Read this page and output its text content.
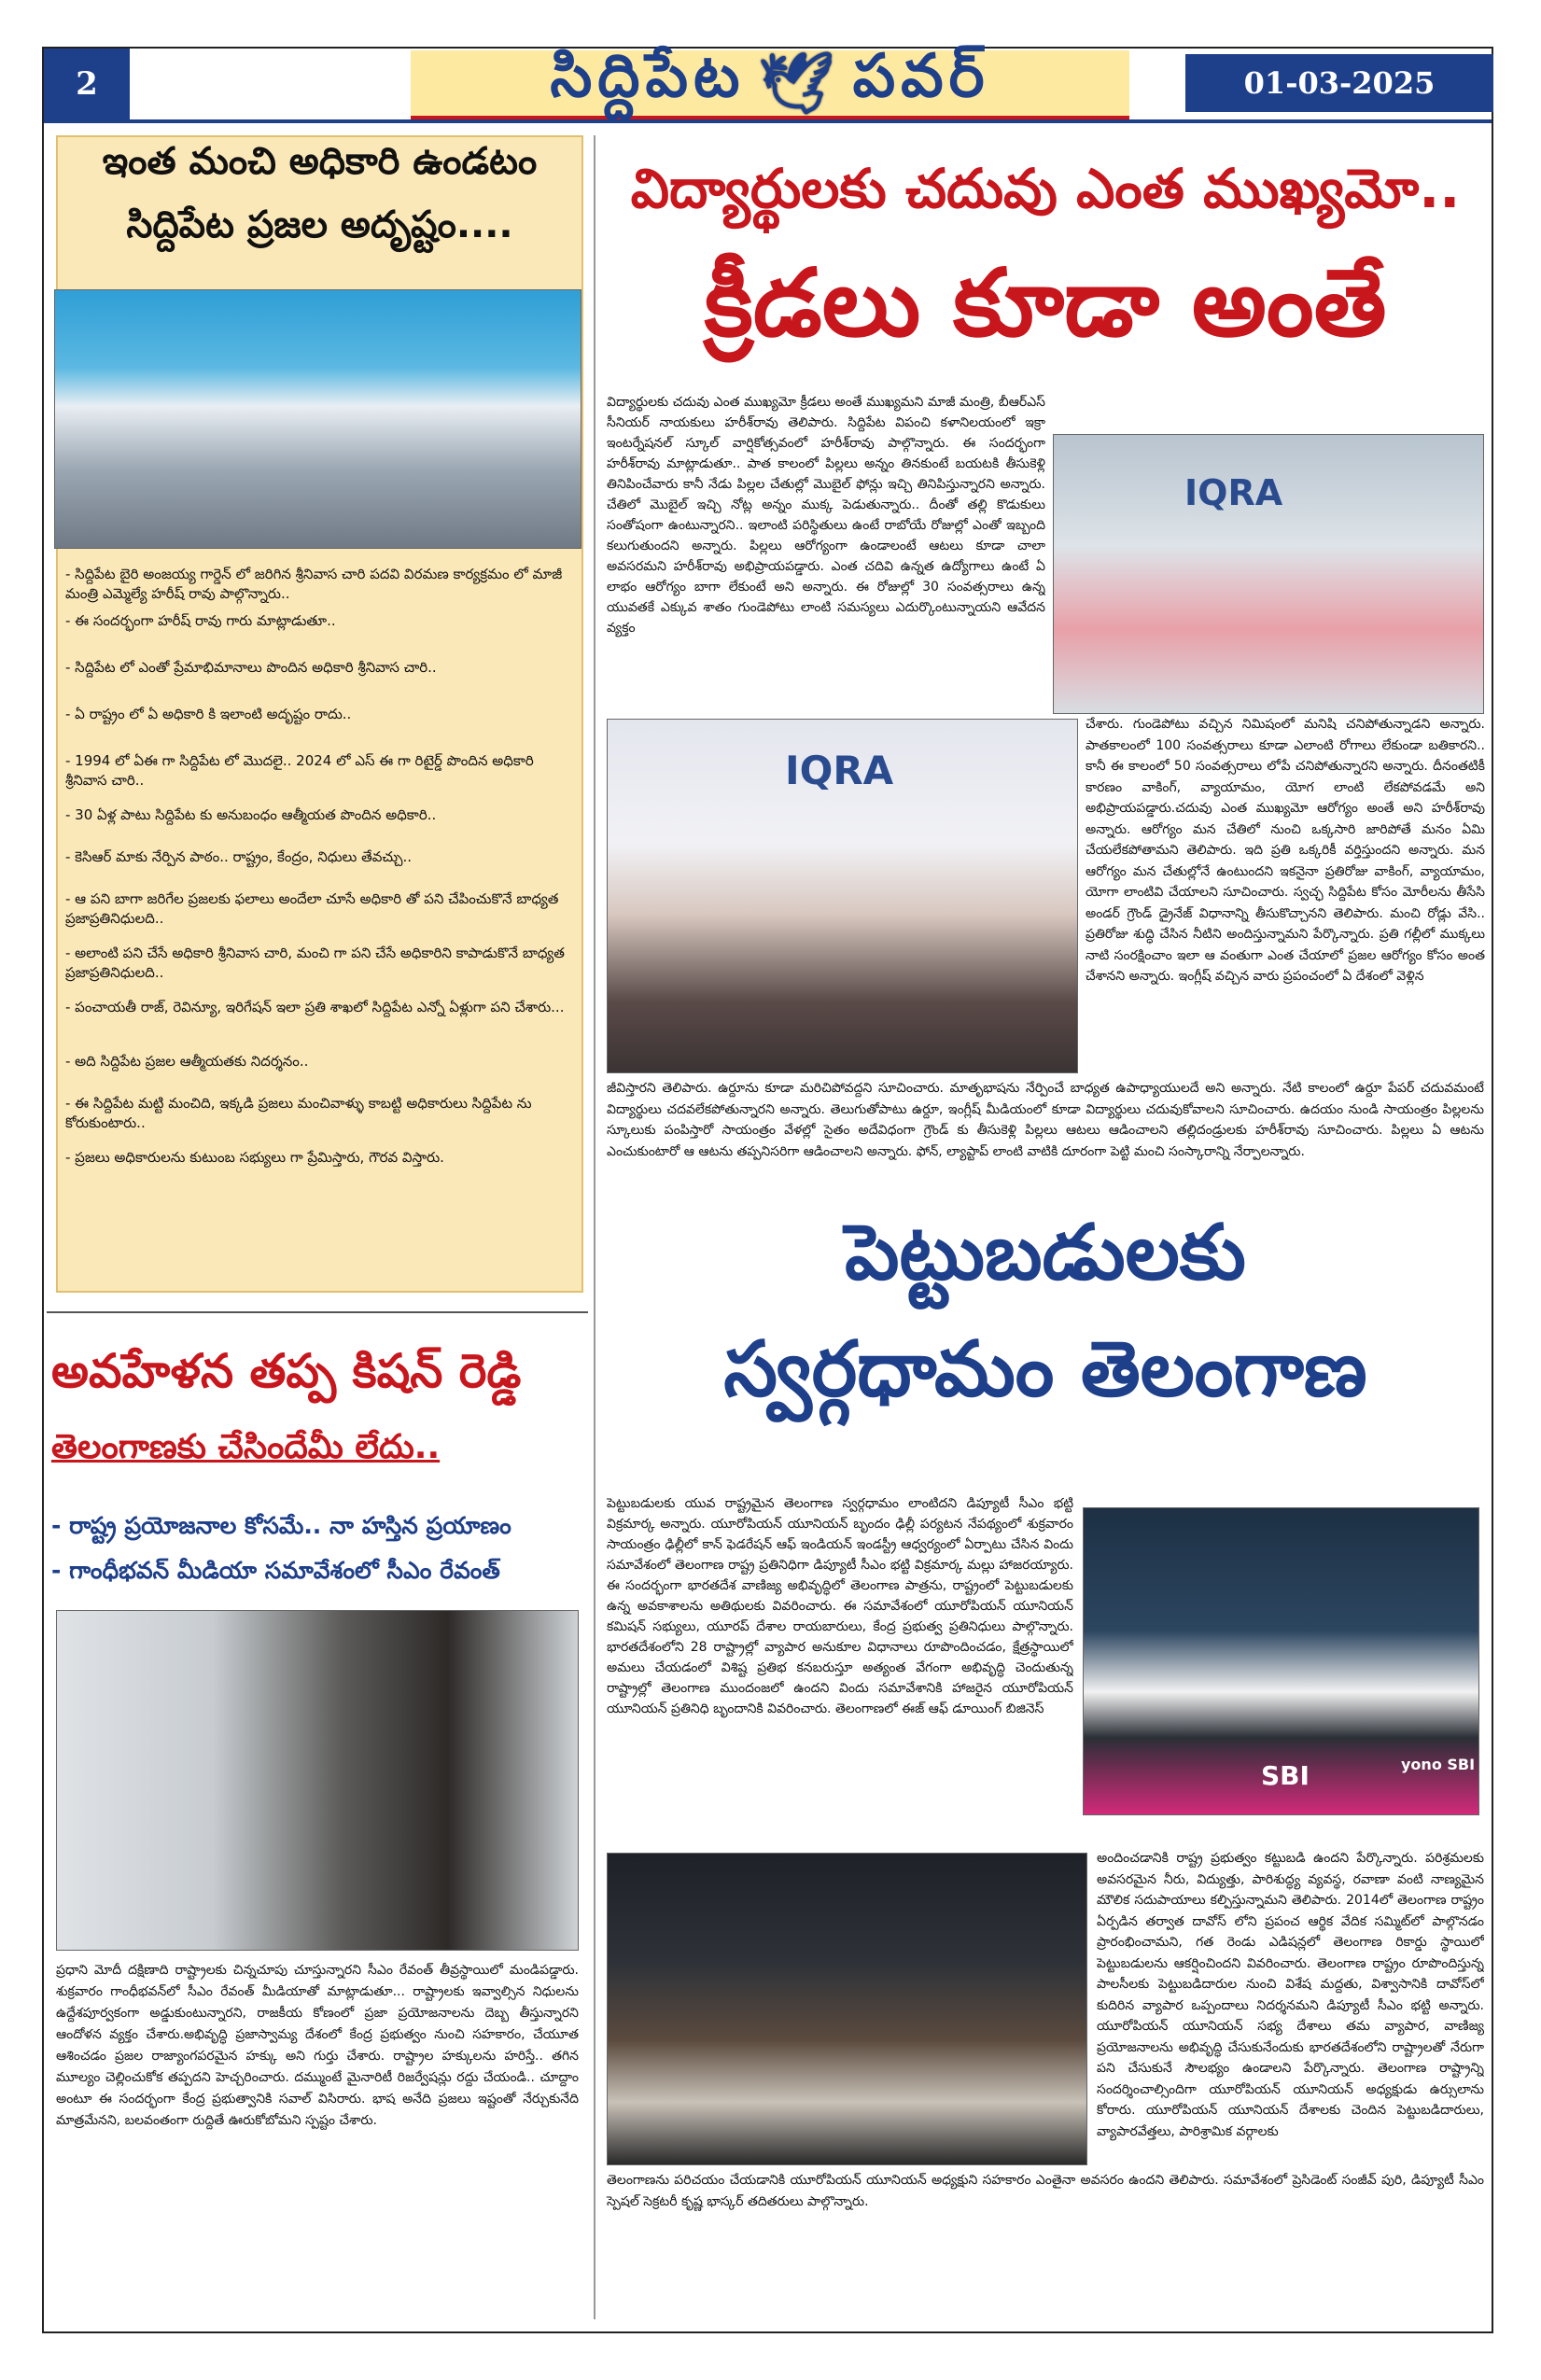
2	సిద్దిపేట 🕊 పవర్	01-03-2025
ఇంత మంచి అధికారి ఉండటం
సిద్దిపేట ప్రజల అదృష్టం....
- సిద్దిపేట బైరి అంజయ్య గార్డెన్ లో జరిగిన శ్రీనివాస చారి పదవి విరమణ కార్యక్రమం లో మాజీ మంత్రి ఎమ్మెల్యే హరీష్ రావు పాల్గొన్నారు..
- ఈ సందర్భంగా హరీష్ రావు గారు మాట్లాడుతూ..
- సిద్దిపేట లో ఎంతో ప్రేమాభిమానాలు పొందిన అధికారి శ్రీనివాస చారి..
- ఏ రాష్ట్రం లో ఏ అధికారి కి ఇలాంటి అదృష్టం రాదు..
- 1994 లో ఏఈ గా సిద్దిపేట లో మొదలై.. 2024 లో ఎస్ ఈ గా రిటైర్డ్ పొందిన అధికారి శ్రీనివాస చారి..
- 30 ఏళ్ల పాటు సిద్దిపేట కు అనుబంధం ఆత్మీయత పొందిన అధికారి..
- కెసిఆర్ మాకు నేర్పిన పాఠం.. రాష్ట్రం, కేంద్రం, నిధులు తేవచ్చు..
- ఆ పని బాగా జరిగేల ప్రజలకు ఫలాలు అందేలా చూసే అధికారి తో పని చేపించుకొనే బాధ్యత ప్రజాప్రతినిధులది..
- అలాంటి పని చేసే అధికారి శ్రీనివాస చారి, మంచి గా పని చేసే అధికారిని కాపాడుకొనే బాధ్యత ప్రజాప్రతినిధులది..
- పంచాయతీ రాజ్, రెవిన్యూ, ఇరిగేషన్ ఇలా ప్రతి శాఖలో సిద్దిపేట ఎన్నో ఏళ్లుగా పని చేశారు...
- అది సిద్దిపేట ప్రజల ఆత్మీయతకు నిదర్శనం..
- ఈ సిద్దిపేట మట్టి మంచిది, ఇక్కడి ప్రజలు మంచివాళ్ళు కాబట్టి అధికారులు సిద్దిపేట ను కోరుకుంటారు..
- ప్రజలు అధికారులను కుటుంబ సభ్యులు గా ప్రేమిస్తారు, గౌరవ విస్తారు.
అవహేళన తప్ప కిషన్ రెడ్డి
తెలంగాణకు చేసిందేమీ లేదు..
- రాష్ట్ర ప్రయోజనాల కోసమే.. నా హస్తిన ప్రయాణం
- గాంధీభవన్ మీడియా సమావేశంలో సీఎం రేవంత్
ప్రధాని మోదీ దక్షిణాది రాష్ట్రాలకు చిన్నచూపు చూస్తున్నారని సీఎం రేవంత్ తీవ్రస్థాయిలో మండిపడ్డారు. శుక్రవారం గాంధీభవన్‌లో సీఎం రేవంత్ మీడియాతో మాట్లాడుతూ... రాష్ట్రాలకు ఇవ్వాల్సిన నిధులను ఉద్దేశపూర్వకంగా అడ్డుకుంటున్నారని, రాజకీయ కోణంలో ప్రజా ప్రయోజనాలను దెబ్బ తీస్తున్నారని ఆందోళన వ్యక్తం చేశారు.అభివృద్ధి ప్రజాస్వామ్య దేశంలో కేంద్ర ప్రభుత్వం నుంచి సహకారం, చేయూత ఆశించడం ప్రజల రాజ్యాంగపరమైన హక్కు అని గుర్తు చేశారు. రాష్ట్రాల హక్కులను హరిస్తే.. తగిన మూల్యం చెల్లించుకోక తప్పదని హెచ్చరించారు. దమ్ముంటే మైనారిటీ రిజర్వేషన్లు రద్దు చేయండి.. చూద్దాం అంటూ ఈ సందర్భంగా కేంద్ర ప్రభుత్వానికి సవాల్ విసిరారు. భాష అనేది ప్రజలు ఇష్టంతో నేర్చుకునేది మాత్రమేనని, బలవంతంగా రుద్దితే ఊరుకోబోమని స్పష్టం చేశారు.
విద్యార్థులకు చదువు ఎంత ముఖ్యమో..
క్రీడలు కూడా అంతే
విద్యార్థులకు చదువు ఎంత ముఖ్యమో క్రీడలు అంతే ముఖ్యమని మాజీ మంత్రి, బీఆర్ఎస్ సీనియర్ నాయకులు హరీశ్‌రావు తెలిపారు. సిద్దిపేట విపంచి కళానిలయంలో ఇక్రా ఇంటర్నేషనల్ స్కూల్ వార్షికోత్సవంలో హరీశ్‌రావు పాల్గొన్నారు. ఈ సందర్భంగా హరీశ్‌రావు మాట్లాడుతూ.. పాత కాలంలో పిల్లలు అన్నం తినకుంటే బయటకి తీసుకెళ్లి తినిపించేవారు కానీ నేడు పిల్లల చేతుల్లో మొబైల్ ఫోన్లు ఇచ్చి తినిపిస్తున్నారని అన్నారు. చేతిలో మొబైల్ ఇచ్చి నోట్ల అన్నం ముక్క పెడుతున్నారు.. దీంతో తల్లి కొడుకులు సంతోషంగా ఉంటున్నారని.. ఇలాంటి పరిస్థితులు ఉంటే రాబోయే రోజుల్లో ఎంతో ఇబ్బంది కలుగుతుందని అన్నారు. పిల్లలు ఆరోగ్యంగా ఉండాలంటే ఆటలు కూడా చాలా అవసరమని హరీశ్‌రావు అభిప్రాయపడ్డారు. ఎంత చదివి ఉన్నత ఉద్యోగాలు ఉంటే ఏ లాభం ఆరోగ్యం బాగా లేకుంటే అని అన్నారు. ఈ రోజుల్లో 30 సంవత్సరాలు ఉన్న యువతకే ఎక్కువ శాతం గుండెపోటు లాంటి సమస్యలు ఎదుర్కొంటున్నాయని ఆవేదన వ్యక్తం
IQRA
IQRA
చేశారు. గుండెపోటు వచ్చిన నిమిషంలో మనిషి చనిపోతున్నాడని అన్నారు. పాతకాలంలో 100 సంవత్సరాలు కూడా ఎలాంటి రోగాలు లేకుండా బతికారని.. కానీ ఈ కాలంలో 50 సంవత్సరాలు లోపే చనిపోతున్నారని అన్నారు. దీనంతటికీ కారణం వాకింగ్, వ్యాయామం, యోగ లాంటి లేకపోవడమే అని అభిప్రాయపడ్డారు.చదువు ఎంత ముఖ్యమో ఆరోగ్యం అంతే అని హరీశ్‌రావు అన్నారు. ఆరోగ్యం మన చేతిలో నుంచి ఒక్కసారి జారిపోతే మనం ఏమి చేయలేకపోతామని తెలిపారు. ఇది ప్రతి ఒక్కరికీ వర్తిస్తుందని అన్నారు. మన ఆరోగ్యం మన చేతుల్లోనే ఉంటుందని ఇకనైనా ప్రతిరోజు వాకింగ్, వ్యాయామం, యోగా లాంటివి చేయాలని సూచించారు. స్వచ్ఛ సిద్దిపేట కోసం మోరీలను తీసేసి అండర్ గ్రౌండ్ డ్రైనేజ్ విధానాన్ని తీసుకొచ్చానని తెలిపారు. మంచి రోడ్లు వేసి.. ప్రతిరోజు శుద్ధి చేసిన నీటిని అందిస్తున్నామని పేర్కొన్నారు. ప్రతి గల్లీలో ముక్కలు నాటి సంరక్షించాం ఇలా ఆ వంతుగా ఎంత చేయాలో ప్రజల ఆరోగ్యం కోసం అంత చేశానని అన్నారు. ఇంగ్లీష్ వచ్చిన వారు ప్రపంచంలో ఏ దేశంలో వెళ్లిన
జీవిస్తారని తెలిపారు. ఉర్దూను కూడా మరిచిపోవద్దని సూచించారు. మాతృభాషను నేర్పించే బాధ్యత ఉపాధ్యాయులదే అని అన్నారు. నేటి కాలంలో ఉర్దూ పేపర్ చదువమంటే విద్యార్థులు చదవలేకపోతున్నారని అన్నారు. తెలుగుతోపాటు ఉర్దూ, ఇంగ్లీష్ మీడియంలో కూడా విద్యార్థులు చదువుకోవాలని సూచించారు. ఉదయం నుండి సాయంత్రం పిల్లలను స్కూలుకు పంపిస్తారో సాయంత్రం వేళల్లో సైతం అదేవిధంగా గ్రౌండ్ కు తీసుకెళ్లి పిల్లలు ఆటలు ఆడించాలని తల్లిదండ్రులకు హరీశ్‌రావు సూచించారు. పిల్లలు ఏ ఆటను ఎంచుకుంటారో ఆ ఆటను తప్పనిసరిగా ఆడించాలని అన్నారు. ఫోన్, ల్యాప్టాప్ లాంటి వాటికి దూరంగా పెట్టి మంచి సంస్కారాన్ని నేర్పాలన్నారు.
పెట్టుబడులకు
స్వర్గధామం తెలంగాణ
పెట్టుబడులకు యువ రాష్ట్రమైన తెలంగాణ స్వర్గధామం లాంటిదని డిప్యూటీ సీఎం భట్టి విక్రమార్క అన్నారు. యూరోపియన్ యూనియన్ బృందం ఢిల్లీ పర్యటన నేపథ్యంలో శుక్రవారం సాయంత్రం ఢిల్లీలో కాన్ ఫెడరేషన్ ఆఫ్ ఇండియన్ ఇండస్ట్రీ ఆధ్వర్యంలో ఏర్పాటు చేసిన విందు సమావేశంలో తెలంగాణ రాష్ట్ర ప్రతినిధిగా డిప్యూటీ సీఎం భట్టి విక్రమార్క మల్లు హాజరయ్యారు. ఈ సందర్భంగా భారతదేశ వాణిజ్య అభివృద్ధిలో తెలంగాణ పాత్రను, రాష్ట్రంలో పెట్టుబడులకు ఉన్న అవకాశాలను అతిథులకు వివరించారు. ఈ సమావేశంలో యూరోపియన్ యూనియన్ కమిషన్ సభ్యులు, యూరప్ దేశాల రాయబారులు, కేంద్ర ప్రభుత్వ ప్రతినిధులు పాల్గొన్నారు. భారతదేశంలోని 28 రాష్ట్రాల్లో వ్యాపార అనుకూల విధానాలు రూపొందించడం, క్షేత్రస్థాయిలో అమలు చేయడంలో విశిష్ట ప్రతిభ కనబరుస్తూ అత్యంత వేగంగా అభివృద్ధి చెందుతున్న రాష్ట్రాల్లో తెలంగాణ ముందంజలో ఉందని విందు సమావేశానికి హాజరైన యూరోపియన్ యూనియన్ ప్రతినిధి బృందానికి వివరించారు. తెలంగాణలో ఈజ్ ఆఫ్ డూయింగ్ బిజినెస్
SBI	yono SBI
అందించడానికి రాష్ట్ర ప్రభుత్వం కట్టుబడి ఉందని పేర్కొన్నారు. పరిశ్రమలకు అవసరమైన నీరు, విద్యుత్తు, పారిశుద్ధ్య వ్యవస్థ, రవాణా వంటి నాణ్యమైన మౌలిక సదుపాయాలు కల్పిస్తున్నామని తెలిపారు. 2014లో తెలంగాణ రాష్ట్రం ఏర్పడిన తర్వాత దావోస్ లోని ప్రపంచ ఆర్థిక వేదిక సమ్మిట్‌లో పాల్గొనడం ప్రారంభించామని, గత రెండు ఎడిషన్లలో తెలంగాణ రికార్డు స్థాయిలో పెట్టుబడులను ఆకర్షించిందని వివరించారు. తెలంగాణ రాష్ట్రం రూపొందిస్తున్న పాలసీలకు పెట్టుబడిదారుల నుంచి విశేష మద్దతు, విశ్వాసానికి దావోస్‌లో కుదిరిన వ్యాపార ఒప్పందాలు నిదర్శనమని డిప్యూటీ సీఎం భట్టి అన్నారు. యూరోపియన్ యూనియన్ సభ్య దేశాలు తమ వ్యాపార, వాణిజ్య ప్రయోజనాలను అభివృద్ధి చేసుకునేందుకు భారతదేశంలోని రాష్ట్రాలతో నేరుగా పని చేసుకునే సౌలభ్యం ఉండాలని పేర్కొన్నారు. తెలంగాణ రాష్ట్రాన్ని సందర్శించాల్సిందిగా యూరోపియన్ యూనియన్ అధ్యక్షుడు ఉర్సులాను కోరారు. యూరోపియన్ యూనియన్ దేశాలకు చెందిన పెట్టుబడిదారులు, వ్యాపారవేత్తలు, పారిశ్రామిక వర్గాలకు
తెలంగాణను పరిచయం చేయడానికి యూరోపియన్ యూనియన్ అధ్యక్షుని సహకారం ఎంతైనా అవసరం ఉందని తెలిపారు. సమావేశంలో ప్రెసిడెంట్ సంజీవ్ పురి, డిప్యూటీ సీఎం స్పెషల్ సెక్రటరీ కృష్ణ భాస్కర్ తదితరులు పాల్గొన్నారు.
